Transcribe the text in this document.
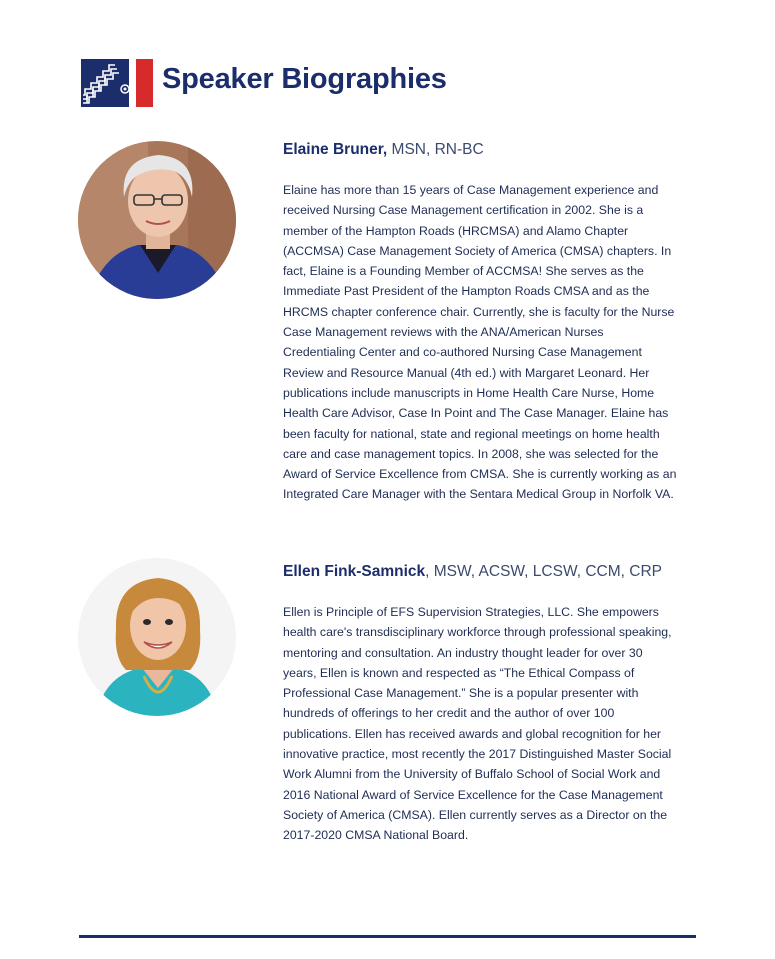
Speaker Biographies
Elaine Bruner, MSN, RN-BC
Elaine has more than 15 years of Case Management experience and
received Nursing Case Management certification in 2002. She is a
member of the Hampton Roads (HRCMSA) and Alamo Chapter
(ACCMSA) Case Management Society of America (CMSA) chapters. In
fact, Elaine is a Founding Member of ACCMSA! She serves as the
Immediate Past President of the Hampton Roads CMSA and as the
HRCMS chapter conference chair. Currently, she is faculty for the Nurse
Case Management reviews with the ANA/American Nurses
Credentialing Center and co-authored Nursing Case Management
Review and Resource Manual (4th ed.) with Margaret Leonard. Her
publications include manuscripts in Home Health Care Nurse, Home
Health Care Advisor, Case In Point and The Case Manager. Elaine has
been faculty for national, state and regional meetings on home health
care and case management topics. In 2008, she was selected for the
Award of Service Excellence from CMSA. She is currently working as an
Integrated Care Manager with the Sentara Medical Group in Norfolk VA.
Ellen Fink-Samnick, MSW, ACSW, LCSW, CCM, CRP
Ellen is Principle of EFS Supervision Strategies, LLC. She empowers
health care's transdisciplinary workforce through professional speaking,
mentoring and consultation. An industry thought leader for over 30
years, Ellen is known and respected as “The Ethical Compass of
Professional Case Management.” She is a popular presenter with
hundreds of offerings to her credit and the author of over 100
publications. Ellen has received awards and global recognition for her
innovative practice, most recently the 2017 Distinguished Master Social
Work Alumni from the University of Buffalo School of Social Work and
2016 National Award of Service Excellence for the Case Management
Society of America (CMSA). Ellen currently serves as a Director on the
2017-2020 CMSA National Board.
